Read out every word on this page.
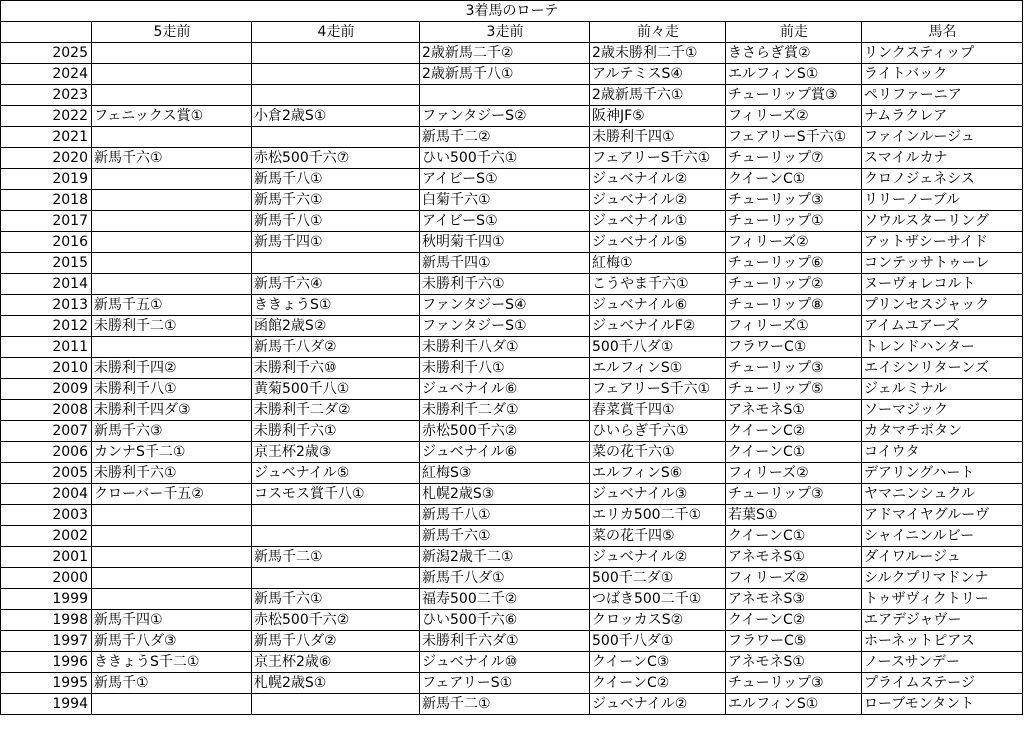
3着馬のローテ						
	5走前	4走前	3走前	前々走	前走	馬名
2025			2歳新馬二千②	2歳未勝利二千①	きさらぎ賞②	リンクスティップ
2024			2歳新馬千八①	アルテミスS④	エルフィンS①	ライトバック
2023				2歳新馬千六①	チューリップ賞③	ペリファーニア
2022	フェニックス賞①	小倉2歳S①	ファンタジーS②	阪神JF⑤	フィリーズ②	ナムラクレア
2021			新馬千二②	未勝利千四①	フェアリーS千六①	ファインルージュ
2020	新馬千六①	赤松500千六⑦	ひい500千六①	フェアリーS千六①	チューリップ⑦	スマイルカナ
2019		新馬千八①	アイビーS①	ジュベナイル②	クイーンC①	クロノジェネシス
2018		新馬千六①	白菊千六①	ジュベナイル②	チューリップ③	リリーノーブル
2017		新馬千八①	アイビーS①	ジュベナイル①	チューリップ①	ソウルスターリング
2016		新馬千四①	秋明菊千四①	ジュベナイル⑤	フィリーズ②	アットザシーサイド
2015			新馬千四①	紅梅①	チューリップ⑥	コンテッサトゥーレ
2014		新馬千六④	未勝利千六①	こうやま千六①	チューリップ②	ヌーヴォレコルト
2013	新馬千五①	ききょうS①	ファンタジーS④	ジュベナイル⑥	チューリップ⑧	プリンセスジャック
2012	未勝利千二①	函館2歳S②	ファンタジーS①	ジュベナイルF②	フィリーズ①	アイムユアーズ
2011		新馬千八ダ②	未勝利千八ダ①	500千八ダ①	フラワーC①	トレンドハンター
2010	未勝利千四②	未勝利千六⑩	未勝利千八①	エルフィンS①	チューリップ③	エイシンリターンズ
2009	未勝利千八①	黄菊500千八①	ジュベナイル⑥	フェアリーS千六①	チューリップ⑤	ジェルミナル
2008	未勝利千四ダ③	未勝利千二ダ②	未勝利千二ダ①	春菜賞千四①	アネモネS①	ソーマジック
2007	新馬千六③	未勝利千六①	赤松500千六②	ひいらぎ千六①	クイーンC②	カタマチボタン
2006	カンナS千二①	京王杯2歳③	ジュベナイル⑥	菜の花千六①	クイーンC①	コイウタ
2005	未勝利千六①	ジュベナイル⑤	紅梅S③	エルフィンS⑥	フィリーズ②	デアリングハート
2004	クローバー千五②	コスモス賞千八①	札幌2歳S③	ジュベナイル③	チューリップ③	ヤマニンシュクル
2003			新馬千八①	エリカ500二千①	若葉S①	アドマイヤグルーヴ
2002			新馬千六①	菜の花千四⑤	クイーンC①	シャイニンルビー
2001		新馬千二①	新潟2歳千二①	ジュベナイル②	アネモネS①	ダイワルージュ
2000			新馬千八ダ①	500千二ダ①	フィリーズ②	シルクプリマドンナ
1999		新馬千六①	福寿500二千②	つばき500二千①	アネモネS③	トゥザヴィクトリー
1998	新馬千四①	赤松500千六②	ひい500千六⑥	クロッカスS②	クイーンC②	エアデジャヴー
1997	新馬千八ダ③	新馬千八ダ②	未勝利千六ダ①	500千八ダ①	フラワーC⑤	ホーネットピアス
1996	ききょうS千二①	京王杯2歳⑥	ジュベナイル⑩	クイーンC③	アネモネS①	ノースサンデー
1995	新馬千①	札幌2歳S①	フェアリーS①	クイーンC②	チューリップ③	プライムステージ
1994			新馬千二①	ジュベナイル②	エルフィンS①	ローブモンタント
